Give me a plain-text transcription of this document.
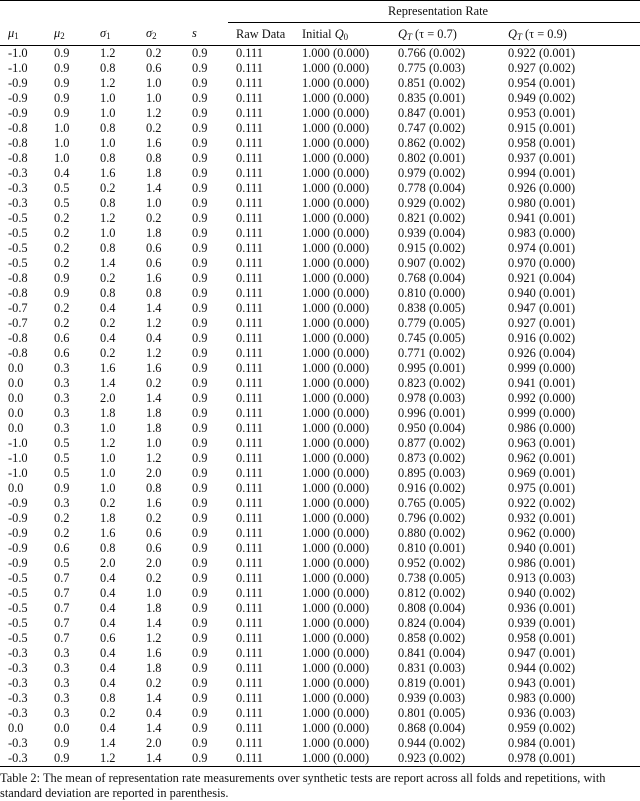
					Representation Rate			
$\mu_1$	$\mu_2$	$\sigma_1$	$\sigma_2$	s	Raw Data	Initial $Q_0$	$Q_T$ (τ = 0.7)	$Q_T$ (τ = 0.9)

-1.0	0.9	1.2	0.2	0.9	0.111	1.000 (0.000)	0.766 (0.002)	0.922 (0.001)
-1.0	0.9	0.8	0.6	0.9	0.111	1.000 (0.000)	0.775 (0.003)	0.927 (0.002)
-0.9	0.9	1.2	1.0	0.9	0.111	1.000 (0.000)	0.851 (0.002)	0.954 (0.001)
-0.9	0.9	1.0	1.0	0.9	0.111	1.000 (0.000)	0.835 (0.001)	0.949 (0.002)
-0.9	0.9	1.0	1.2	0.9	0.111	1.000 (0.000)	0.847 (0.001)	0.953 (0.001)
-0.8	1.0	0.8	0.2	0.9	0.111	1.000 (0.000)	0.747 (0.002)	0.915 (0.001)
-0.8	1.0	1.0	1.6	0.9	0.111	1.000 (0.000)	0.862 (0.002)	0.958 (0.001)
-0.8	1.0	0.8	0.8	0.9	0.111	1.000 (0.000)	0.802 (0.001)	0.937 (0.001)
-0.3	0.4	1.6	1.8	0.9	0.111	1.000 (0.000)	0.979 (0.002)	0.994 (0.001)
-0.3	0.5	0.2	1.4	0.9	0.111	1.000 (0.000)	0.778 (0.004)	0.926 (0.000)
-0.3	0.5	0.8	1.0	0.9	0.111	1.000 (0.000)	0.929 (0.002)	0.980 (0.001)
-0.5	0.2	1.2	0.2	0.9	0.111	1.000 (0.000)	0.821 (0.002)	0.941 (0.001)
-0.5	0.2	1.0	1.8	0.9	0.111	1.000 (0.000)	0.939 (0.004)	0.983 (0.000)
-0.5	0.2	0.8	0.6	0.9	0.111	1.000 (0.000)	0.915 (0.002)	0.974 (0.001)
-0.5	0.2	1.4	0.6	0.9	0.111	1.000 (0.000)	0.907 (0.002)	0.970 (0.000)
-0.8	0.9	0.2	1.6	0.9	0.111	1.000 (0.000)	0.768 (0.004)	0.921 (0.004)
-0.8	0.9	0.8	0.8	0.9	0.111	1.000 (0.000)	0.810 (0.000)	0.940 (0.001)
-0.7	0.2	0.4	1.4	0.9	0.111	1.000 (0.000)	0.838 (0.005)	0.947 (0.001)
-0.7	0.2	0.2	1.2	0.9	0.111	1.000 (0.000)	0.779 (0.005)	0.927 (0.001)
-0.8	0.6	0.4	0.4	0.9	0.111	1.000 (0.000)	0.745 (0.005)	0.916 (0.002)
-0.8	0.6	0.2	1.2	0.9	0.111	1.000 (0.000)	0.771 (0.002)	0.926 (0.004)
0.0	0.3	1.6	1.6	0.9	0.111	1.000 (0.000)	0.995 (0.001)	0.999 (0.000)
0.0	0.3	1.4	0.2	0.9	0.111	1.000 (0.000)	0.823 (0.002)	0.941 (0.001)
0.0	0.3	2.0	1.4	0.9	0.111	1.000 (0.000)	0.978 (0.003)	0.992 (0.000)
0.0	0.3	1.8	1.8	0.9	0.111	1.000 (0.000)	0.996 (0.001)	0.999 (0.000)
0.0	0.3	1.0	1.8	0.9	0.111	1.000 (0.000)	0.950 (0.004)	0.986 (0.000)
-1.0	0.5	1.2	1.0	0.9	0.111	1.000 (0.000)	0.877 (0.002)	0.963 (0.001)
-1.0	0.5	1.0	1.2	0.9	0.111	1.000 (0.000)	0.873 (0.002)	0.962 (0.001)
-1.0	0.5	1.0	2.0	0.9	0.111	1.000 (0.000)	0.895 (0.003)	0.969 (0.001)
0.0	0.9	1.0	0.8	0.9	0.111	1.000 (0.000)	0.916 (0.002)	0.975 (0.001)
-0.9	0.3	0.2	1.6	0.9	0.111	1.000 (0.000)	0.765 (0.005)	0.922 (0.002)
-0.9	0.2	1.8	0.2	0.9	0.111	1.000 (0.000)	0.796 (0.002)	0.932 (0.001)
-0.9	0.2	1.6	0.6	0.9	0.111	1.000 (0.000)	0.880 (0.002)	0.962 (0.000)
-0.9	0.6	0.8	0.6	0.9	0.111	1.000 (0.000)	0.810 (0.001)	0.940 (0.001)
-0.9	0.5	2.0	2.0	0.9	0.111	1.000 (0.000)	0.952 (0.002)	0.986 (0.001)
-0.5	0.7	0.4	0.2	0.9	0.111	1.000 (0.000)	0.738 (0.005)	0.913 (0.003)
-0.5	0.7	0.4	1.0	0.9	0.111	1.000 (0.000)	0.812 (0.002)	0.940 (0.002)
-0.5	0.7	0.4	1.8	0.9	0.111	1.000 (0.000)	0.808 (0.004)	0.936 (0.001)
-0.5	0.7	0.4	1.4	0.9	0.111	1.000 (0.000)	0.824 (0.004)	0.939 (0.001)
-0.5	0.7	0.6	1.2	0.9	0.111	1.000 (0.000)	0.858 (0.002)	0.958 (0.001)
-0.3	0.3	0.4	1.6	0.9	0.111	1.000 (0.000)	0.841 (0.004)	0.947 (0.001)
-0.3	0.3	0.4	1.8	0.9	0.111	1.000 (0.000)	0.831 (0.003)	0.944 (0.002)
-0.3	0.3	0.4	0.2	0.9	0.111	1.000 (0.000)	0.819 (0.001)	0.943 (0.001)
-0.3	0.3	0.8	1.4	0.9	0.111	1.000 (0.000)	0.939 (0.003)	0.983 (0.000)
-0.3	0.3	0.2	0.4	0.9	0.111	1.000 (0.000)	0.801 (0.005)	0.936 (0.003)
0.0	0.0	0.4	1.4	0.9	0.111	1.000 (0.000)	0.868 (0.004)	0.959 (0.002)
-0.3	0.9	1.4	2.0	0.9	0.111	1.000 (0.000)	0.944 (0.002)	0.984 (0.001)
-0.3	0.9	1.2	1.4	0.9	0.111	1.000 (0.000)	0.923 (0.002)	0.978 (0.001)

Table 2: The mean of representation rate measurements over synthetic tests are report across all folds and repetitions, with standard deviation are reported in parenthesis.
